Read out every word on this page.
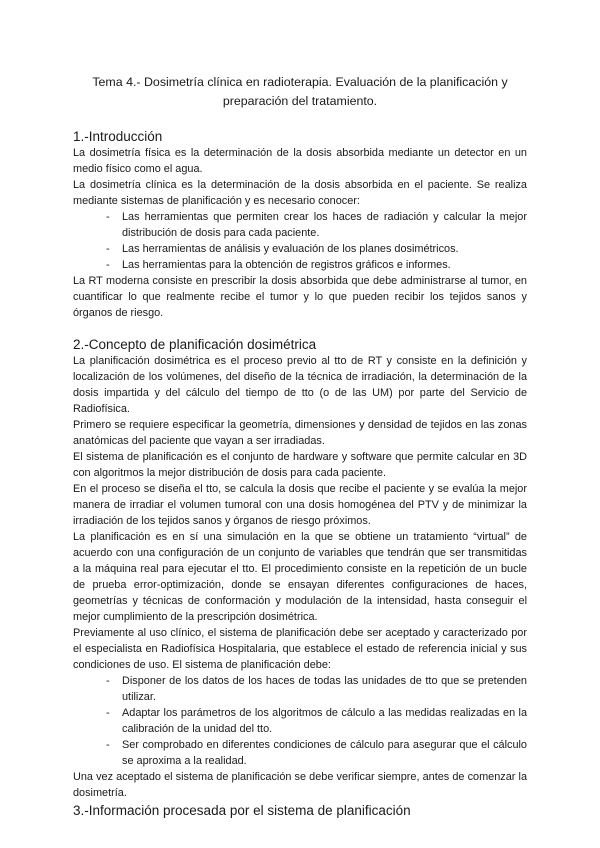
Tema 4.- Dosimetría clínica en radioterapia. Evaluación de la planificación y preparación del tratamiento.
1.-Introducción

La dosimetría física es la determinación de la dosis absorbida mediante un detector en un medio físico como el agua.

La dosimetría clínica es la determinación de la dosis absorbida en el paciente. Se realiza mediante sistemas de planificación y es necesario conocer:

- Las herramientas que permiten crear los haces de radiación y calcular la mejor distribución de dosis para cada paciente.
- Las herramientas de análisis y evaluación de los planes dosimétricos.
- Las herramientas para la obtención de registros gráficos e informes.

La RT moderna consiste en prescribir la dosis absorbida que debe administrarse al tumor, en cuantificar lo que realmente recibe el tumor y lo que pueden recibir los tejidos sanos y órganos de riesgo.

2.-Concepto de planificación dosimétrica

La planificación dosimétrica es el proceso previo al tto de RT y consiste en la definición y localización de los volúmenes, del diseño de la técnica de irradiación, la determinación de la dosis impartida y del cálculo del tiempo de tto (o de las UM) por parte del Servicio de Radiofísica.

Primero se requiere especificar la geometría, dimensiones y densidad de tejidos en las zonas anatómicas del paciente que vayan a ser irradiadas.

El sistema de planificación es el conjunto de hardware y software que permite calcular en 3D con algoritmos la mejor distribución de dosis para cada paciente.

En el proceso se diseña el tto, se calcula la dosis que recibe el paciente y se evalúa la mejor manera de irradiar el volumen tumoral con una dosis homogénea del PTV y de minimizar la irradiación de los tejidos sanos y órganos de riesgo próximos.

La planificación es en sí una simulación en la que se obtiene un tratamiento “virtual” de acuerdo con una configuración de un conjunto de variables que tendrán que ser transmitidas a la máquina real para ejecutar el tto. El procedimiento consiste en la repetición de un bucle de prueba error-optimización, donde se ensayan diferentes configuraciones de haces, geometrías y técnicas de conformación y modulación de la intensidad, hasta conseguir el mejor cumplimiento de la prescripción dosimétrica.

Previamente al uso clínico, el sistema de planificación debe ser aceptado y caracterizado por el especialista en Radiofísica Hospitalaria, que establece el estado de referencia inicial y sus condiciones de uso. El sistema de planificación debe:

- Disponer de los datos de los haces de todas las unidades de tto que se pretenden utilizar.
- Adaptar los parámetros de los algoritmos de cálculo a las medidas realizadas en la calibración de la unidad del tto.
- Ser comprobado en diferentes condiciones de cálculo para asegurar que el cálculo se aproxima a la realidad.

Una vez aceptado el sistema de planificación se debe verificar siempre, antes de comenzar la dosimetría.

3.-Información procesada por el sistema de planificación
